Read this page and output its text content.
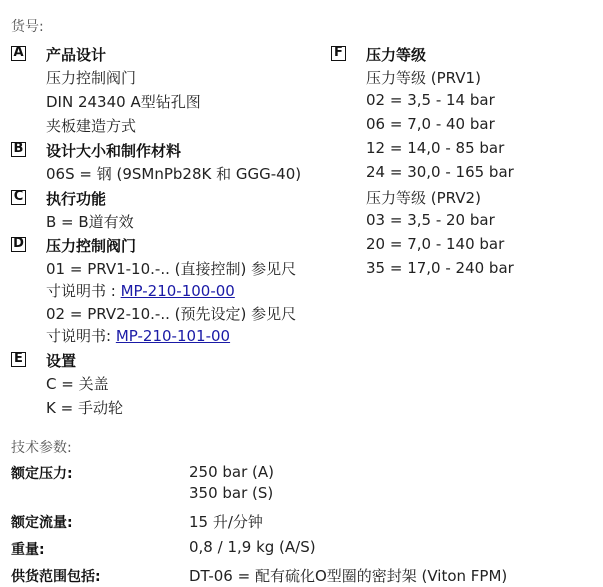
货号:
A 产品设计
压力控制阀门
DIN 24340 A型钻孔图
夹板建造方式
B 设计大小和制作材料
06S = 钢 (9SMnPb28K 和 GGG-40)
C 执行功能
B = B道有效
D 压力控制阀门
01 = PRV1-10.-.. (直接控制) 参见尺
寸说明书 : MP-210-100-00
02 = PRV2-10.-.. (预先设定) 参见尺
寸说明书: MP-210-101-00
E 设置
C = 关盖
K = 手动轮
F 压力等级
压力等级 (PRV1)
02 = 3,5 - 14 bar
06 = 7,0 - 40 bar
12 = 14,0 - 85 bar
24 = 30,0 - 165 bar
压力等级 (PRV2)
03 = 3,5 - 20 bar
20 = 7,0 - 140 bar
35 = 17,0 - 240 bar
技术参数:
额定压力:	250 bar (A)
350 bar (S)
额定流量:	15 升/分钟
重量:	0,8 / 1,9 kg (A/S)
供货范围包括:	DT-06 = 配有硫化O型圈的密封架 (Viton FPM)
